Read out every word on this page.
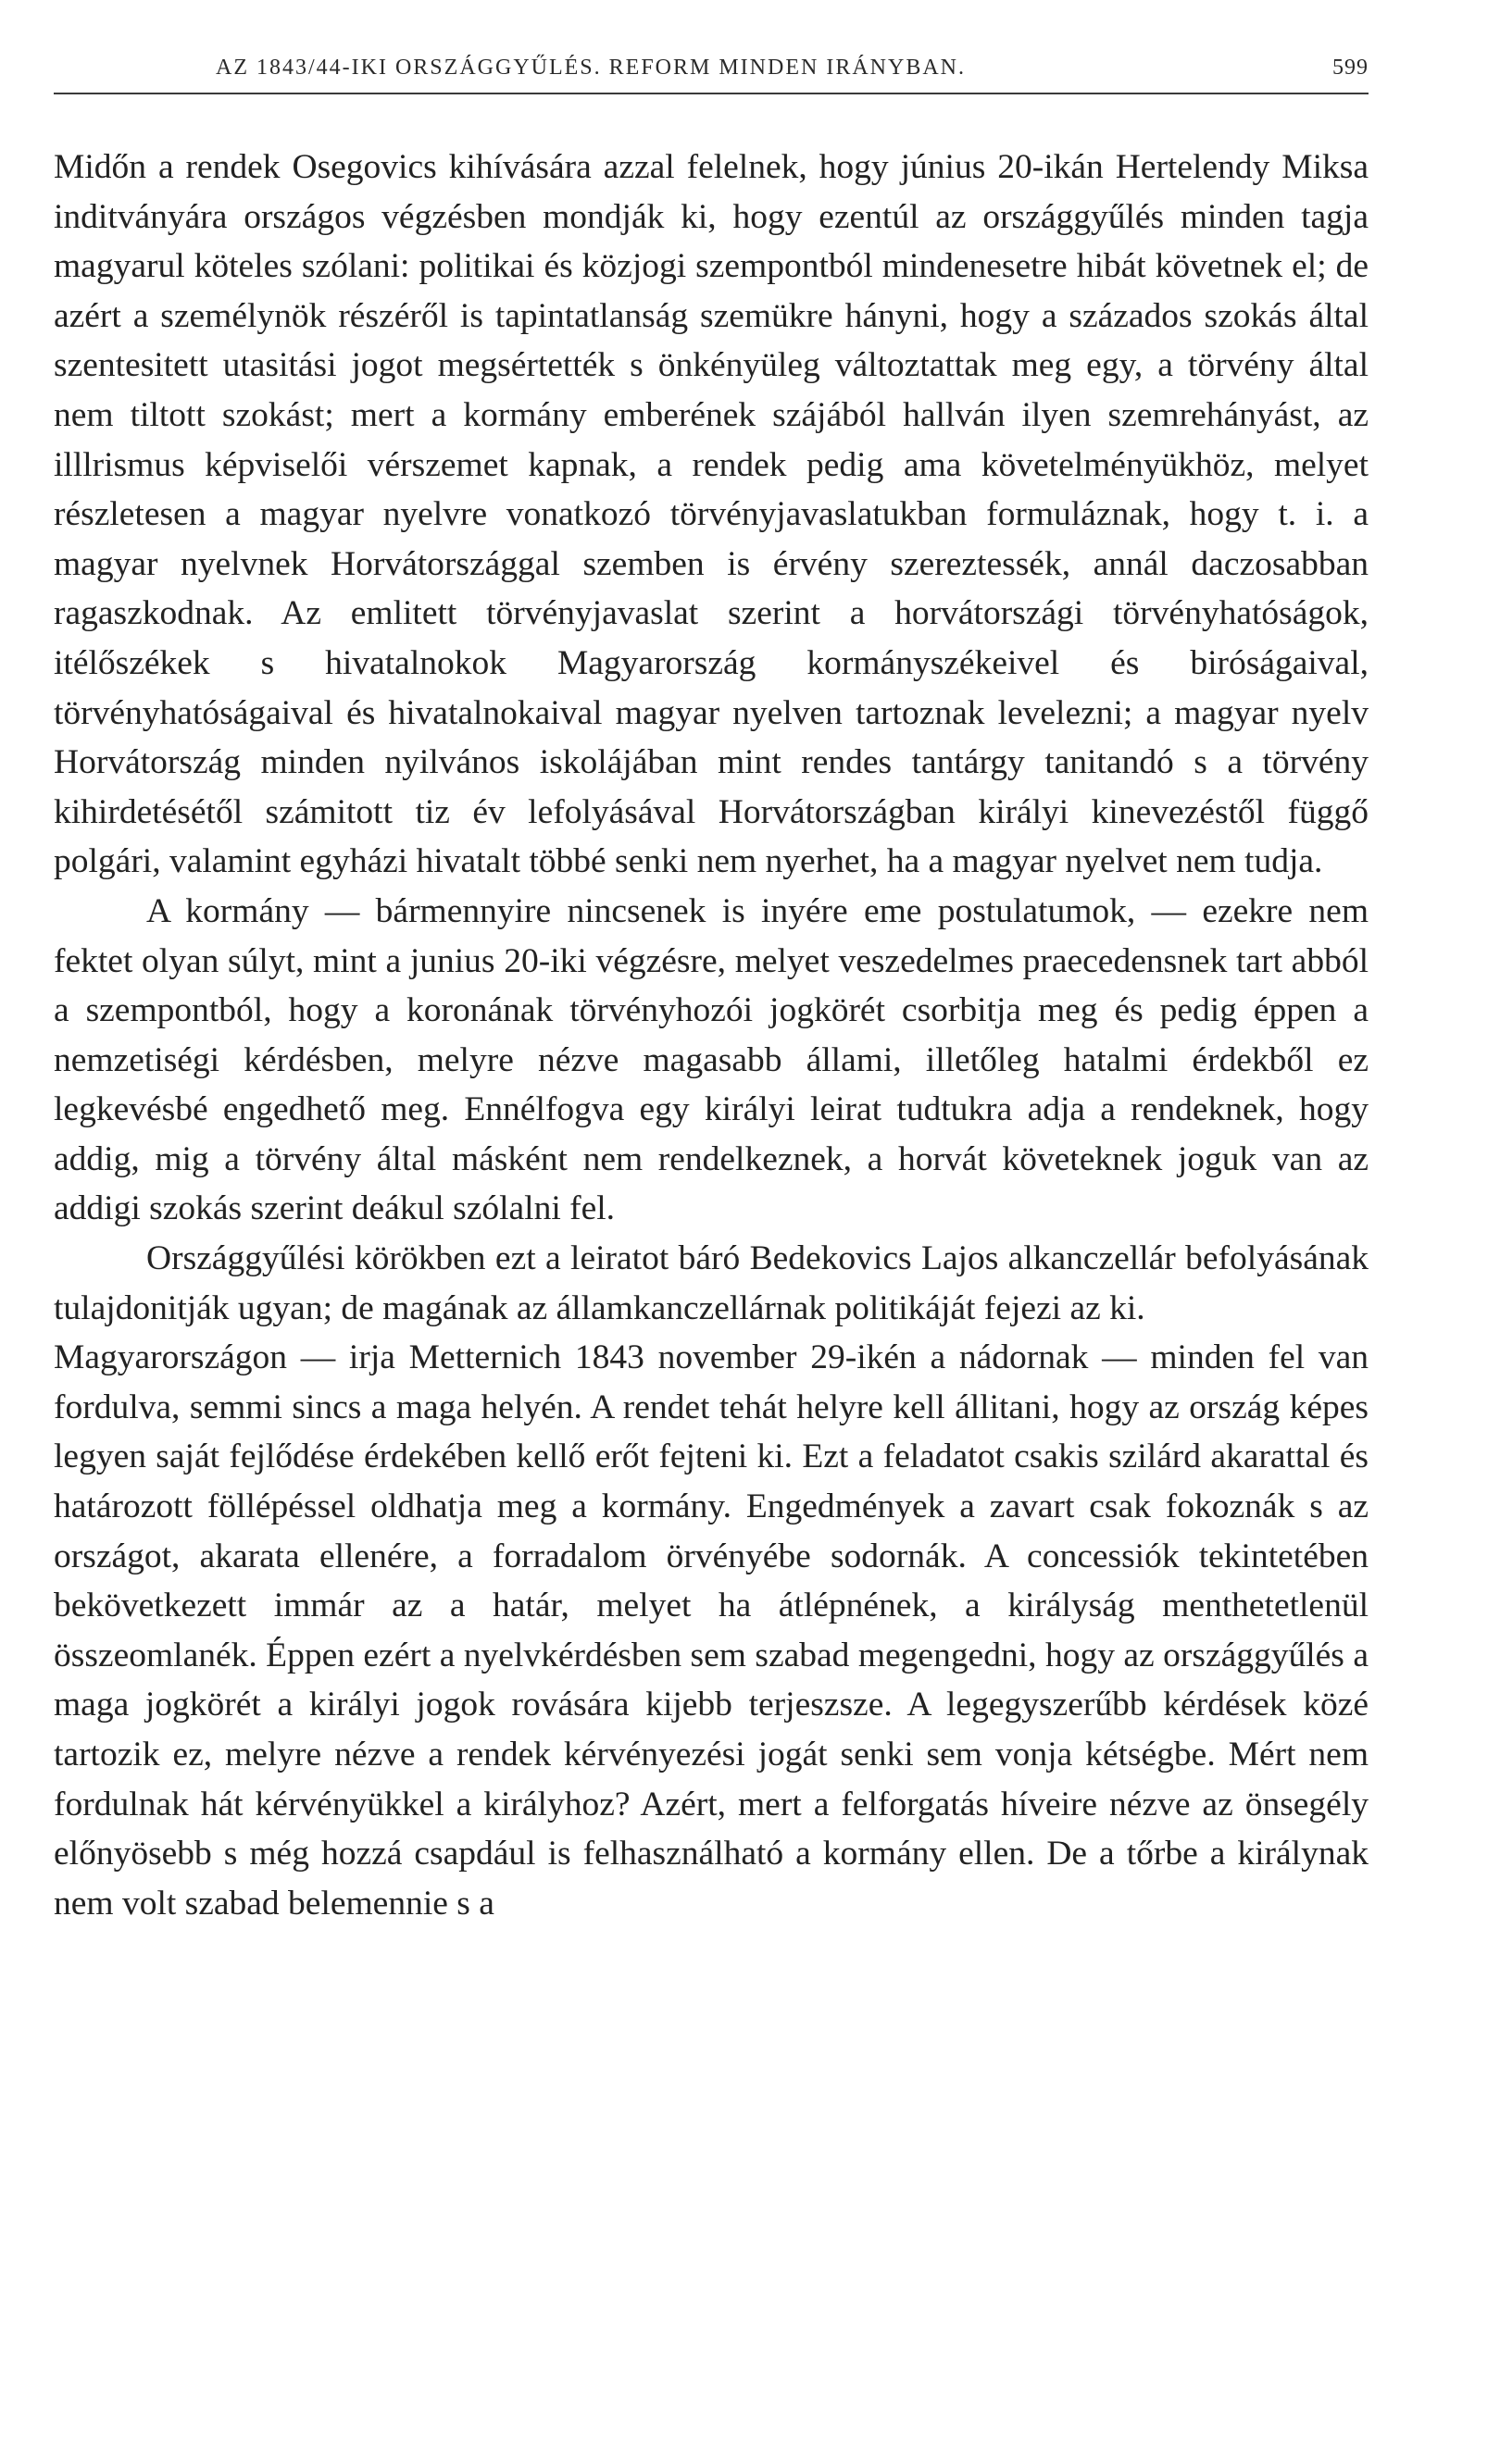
AZ 1843/44-IKI ORSZÁGGYŰLÉS. REFORM MINDEN IRÁNYBAN.	599

Midőn a rendek Osegovics kihívására azzal felelnek, hogy június 20-ikán Hertelendy Miksa inditványára országos végzésben mondják ki, hogy ezentúl az országgyűlés minden tagja magyarul köteles szólani: politikai és közjogi szempontból mindenesetre hibát követnek el; de azért a személynök részéről is tapintatlanság szemükre hányni, hogy a százados szokás által szentesitett utasitási jogot megsértették s önkényüleg változtattak meg egy, a törvény által nem tiltott szokást; mert a kormány emberének szájából hallván ilyen szemrehányást, az illlrismus képviselői vérszemet kapnak, a rendek pedig ama követelményükhöz, melyet részletesen a magyar nyelvre vonatkozó törvényjavaslatukban formuláznak, hogy t. i. a magyar nyelvnek Horvátországgal szemben is érvény szereztessék, annál daczosabban ragaszkodnak. Az emlitett törvényjavaslat szerint a horvátországi törvényhatóságok, itélőszékek s hivatalnokok Magyarország kormányszékeivel és biróságaival, törvényhatóságaival és hivatalnokaival magyar nyelven tartoznak levelezni; a magyar nyelv Horvátország minden nyilvános iskolájában mint rendes tantárgy tanitandó s a törvény kihirdetésétől számitott tiz év lefolyásával Horvátországban királyi kinevezéstől függő polgári, valamint egyházi hivatalt többé senki nem nyerhet, ha a magyar nyelvet nem tudja.

A kormány — bármennyire nincsenek is inyére eme postulatumok, — ezekre nem fektet olyan súlyt, mint a junius 20-iki végzésre, melyet veszedelmes praecedensnek tart abból a szempontból, hogy a koronának törvényhozói jogkörét csorbitja meg és pedig éppen a nemzetiségi kérdésben, melyre nézve magasabb állami, illetőleg hatalmi érdekből ez legkevésbé engedhető meg. Ennélfogva egy királyi leirat tudtukra adja a rendeknek, hogy addig, mig a törvény által másként nem rendelkeznek, a horvát követeknek joguk van az addigi szokás szerint deákul szólalni fel.

Országgyűlési körökben ezt a leiratot báró Bedekovics Lajos alkanczellár befolyásának tulajdonitják ugyan; de magának az államkanczellárnak politikáját fejezi az ki.

Magyarországon — irja Metternich 1843 november 29-ikén a nádornak — minden fel van fordulva, semmi sincs a maga helyén. A rendet tehát helyre kell állitani, hogy az ország képes legyen saját fejlődése érdekében kellő erőt fejteni ki. Ezt a feladatot csakis szilárd akarattal és határozott föllépéssel oldhatja meg a kormány. Engedmények a zavart csak fokoznák s az országot, akarata ellenére, a forradalom örvényébe sodornák. A concessiók tekintetében bekövetkezett immár az a határ, melyet ha átlépnének, a királyság menthetetlenül összeomlanék. Éppen ezért a nyelvkérdésben sem szabad megengedni, hogy az országgyűlés a maga jogkörét a királyi jogok rovására kijebb terjeszsze. A legegyszerűbb kérdések közé tartozik ez, melyre nézve a rendek kérvényezési jogát senki sem vonja kétségbe. Mért nem fordulnak hát kérvényükkel a királyhoz? Azért, mert a felforgatás híveire nézve az önsegély előnyösebb s még hozzá csapdául is felhasználható a kormány ellen. De a tőrbe a királynak nem volt szabad belemennie s a
